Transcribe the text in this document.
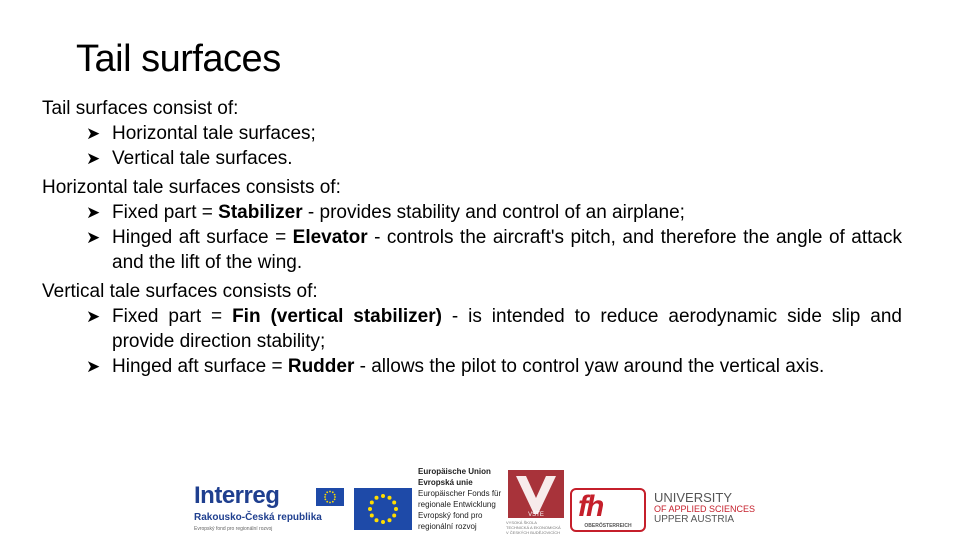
Tail surfaces

Tail surfaces consist of:

➤ Horizontal tale surfaces;
➤ Vertical tale surfaces.

Horizontal tale surfaces consists of:

➤ Fixed part = Stabilizer - provides stability and control of an airplane;
➤ Hinged aft surface = Elevator - controls the aircraft's pitch, and therefore the angle of attack and the lift of the wing.

Vertical tale surfaces consists of:

➤ Fixed part = Fin (vertical stabilizer) - is intended to reduce aerodynamic side slip and provide direction stability;
➤ Hinged aft surface = Rudder - allows the pilot to control yaw around the vertical axis.
Interreg
Rakousko-Česká republika
Evropský fond pro regionální rozvoj
Europäische Union
Evropská unie
Europäischer Fonds für
regionale Entwicklung
Evropský fond pro
regionální rozvoj
VŠTE
VYSOKÁ ŠKOLA
TECHNICKÁ A EKONOMICKÁ
V ČESKÝCH BUDĚJOVICÍCH
fh
OBERÖSTERREICH
UNIVERSITY
OF APPLIED SCIENCES
UPPER AUSTRIA
